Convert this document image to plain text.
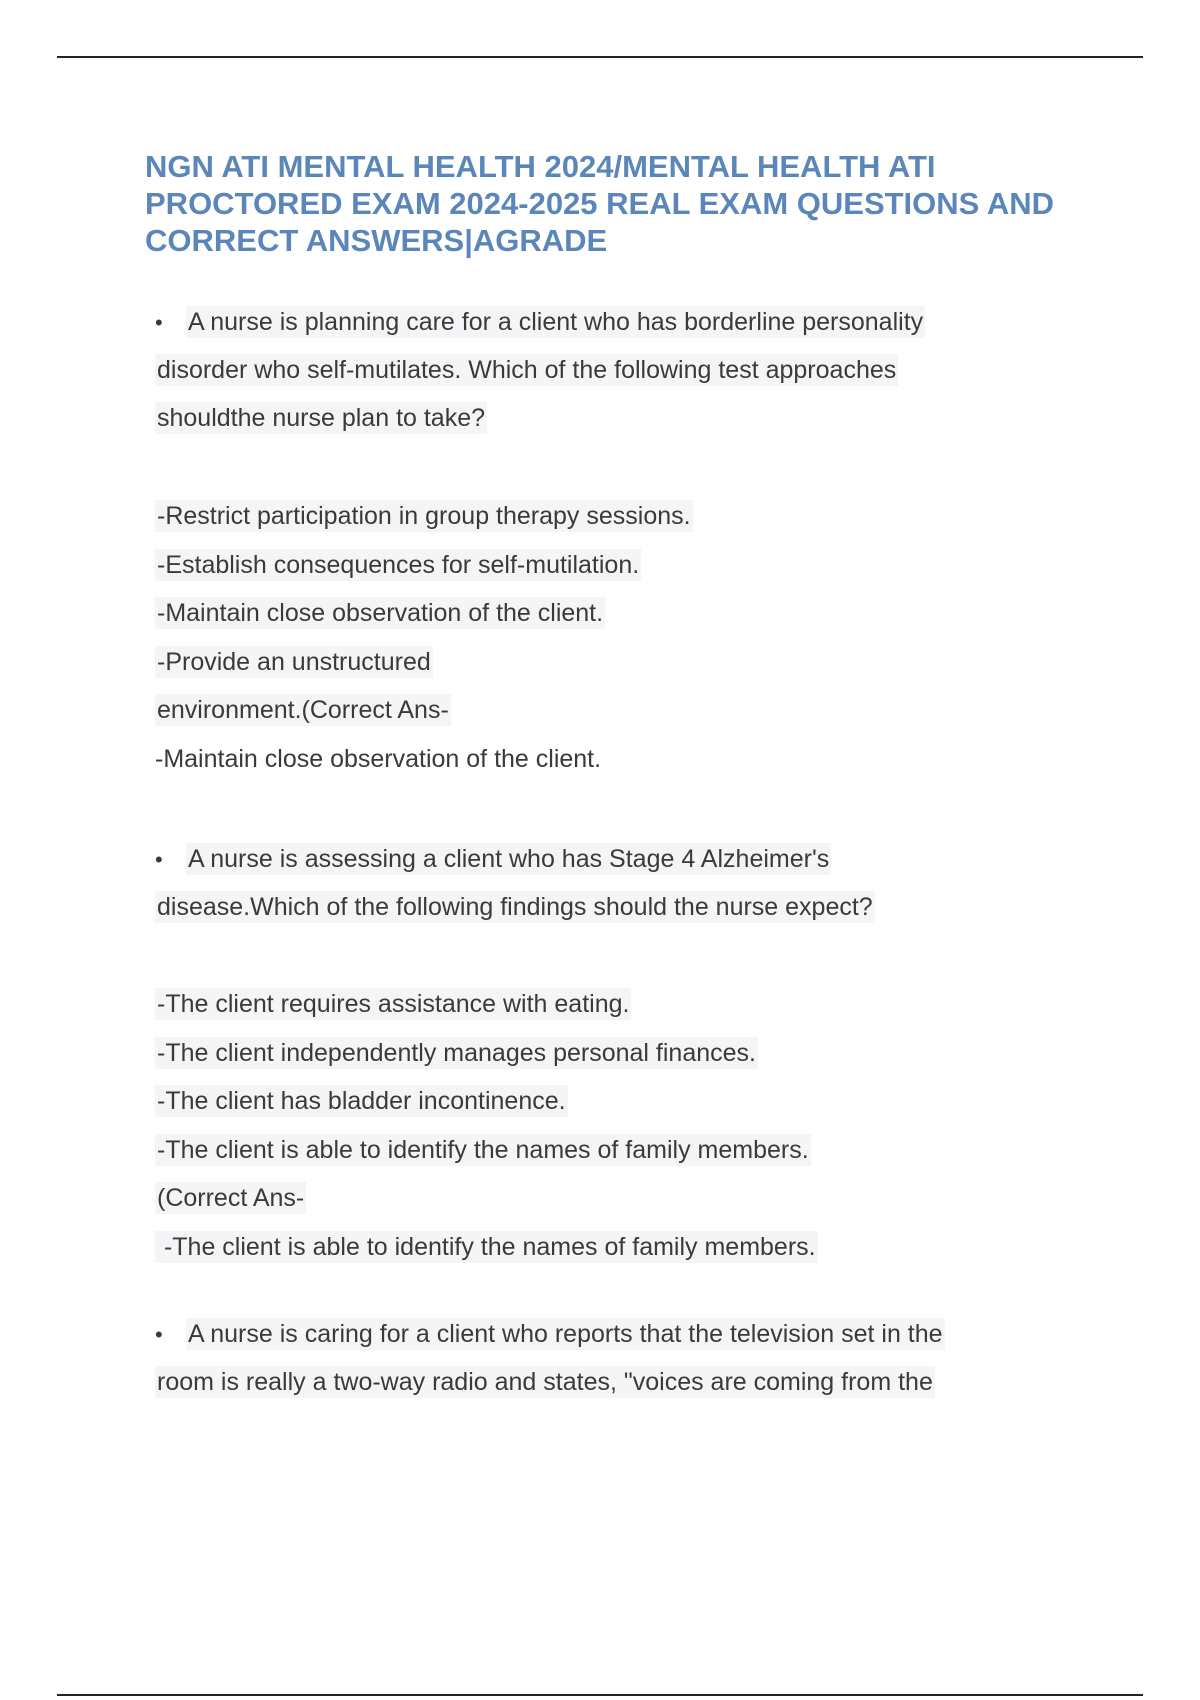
NGN ATI MENTAL HEALTH 2024/MENTAL HEALTH ATI
PROCTORED EXAM 2024-2025 REAL EXAM QUESTIONS AND
CORRECT ANSWERS|AGRADE
• A nurse is planning care for a client who has borderline personality
disorder who self-mutilates. Which of the following test approaches
shouldthe nurse plan to take?
-Restrict participation in group therapy sessions.
-Establish consequences for self-mutilation.
-Maintain close observation of the client.
-Provide an unstructured
environment.(Correct Ans-
-Maintain close observation of the client.
• A nurse is assessing a client who has Stage 4 Alzheimer's
disease.Which of the following findings should the nurse expect?
-The client requires assistance with eating.
-The client independently manages personal finances.
-The client has bladder incontinence.
-The client is able to identify the names of family members.
(Correct Ans-
-The client is able to identify the names of family members.
• A nurse is caring for a client who reports that the television set in the
room is really a two-way radio and states, "voices are coming from the
